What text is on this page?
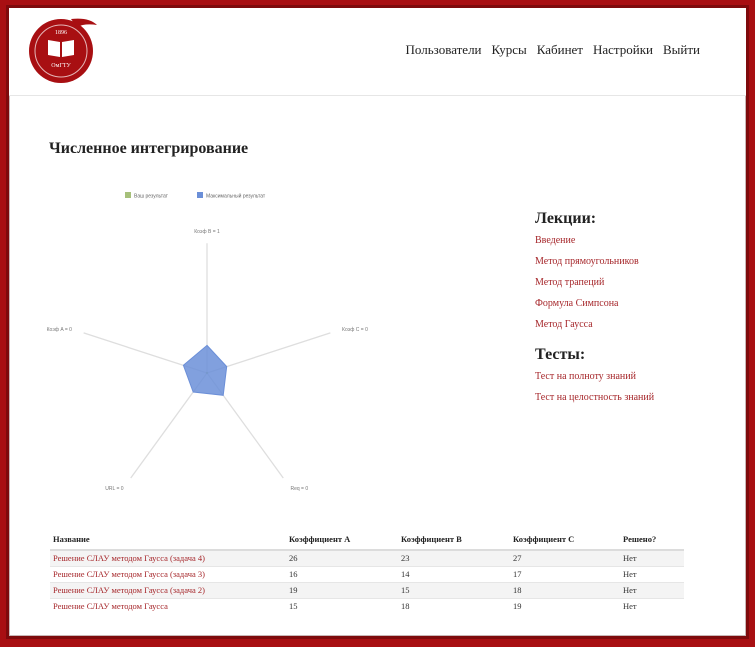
1896
ОмГТУ
Пользователи Курсы Кабинет Настройки Выйти
Численное интегрирование
Ваш результат	Максимальный результат
Коэф B = 1
Коэф C = 0
Req = 0
URL = 0
Коэф A = 0
Лекции:
Введение
Метод прямоугольников
Метод трапеций
Формула Симпсона
Метод Гаусса
Тесты:
Тест на полноту знаний
Тест на целостность знаний
Название	Коэффициент A	Коэффициент B	Коэффициент C	Решено?
Решение СЛАУ методом Гаусса (задача 4)	26	23	27	Нет
Решение СЛАУ методом Гаусса (задача 3)	16	14	17	Нет
Решение СЛАУ методом Гаусса (задача 2)	19	15	18	Нет
Решение СЛАУ методом Гаусса	15	18	19	Нет
